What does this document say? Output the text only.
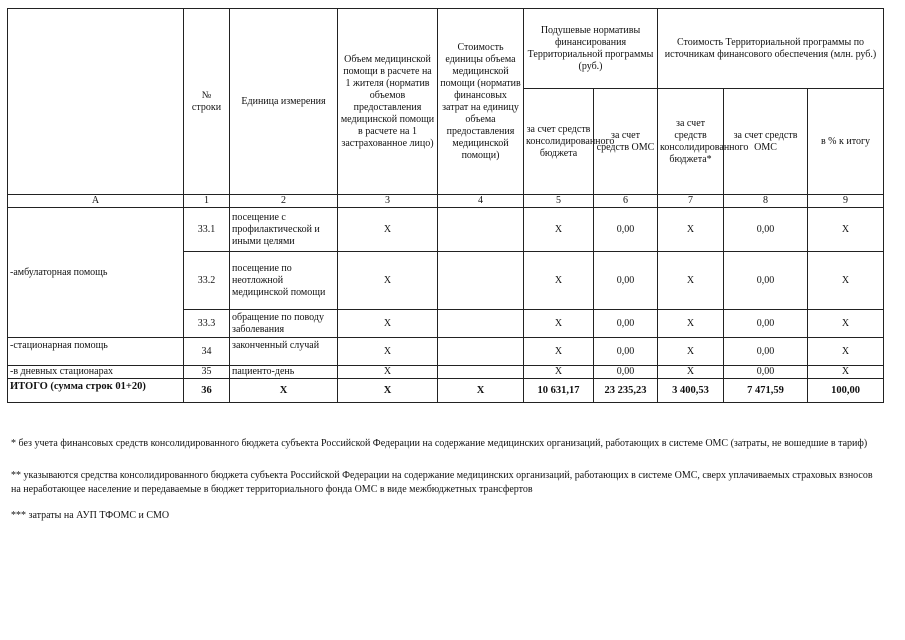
	№ строки	Единица измерения	Объем медицинской помощи в расчете на 1 жителя (норматив объемов предоставления медицинской помощи в расчете на 1 застрахованное лицо)	Стоимость единицы объема медицинской помощи (норматив финансовых затрат на единицу объема предоставления медицинской помощи)	Подушевые нормативы финансирования Территориальной программы (руб.)		Стоимость Территориальной программы по источникам финансового обеспечения (млн. руб.)		
					за счет средств консолидированного бюджета	за счет средств ОМС	за счет средств консолидированного бюджета*	за счет средств ОМС	в % к итогу
А	1	2	3	4	5	6	7	8	9
-амбулаторная помощь	33.1	посещение с профилактической и иными целями	X		X	0,00	X	0,00	X
	33.2	посещение по неотложной медицинской помощи	X		X	0,00	X	0,00	X
	33.3	обращение по поводу заболевания	X		X	0,00	X	0,00	X
-стационарная помощь	34	законченный случай	X		X	0,00	X	0,00	X
-в дневных стационарах	35	пациенто-день	X		X	0,00	X	0,00	X
ИТОГО (сумма строк 01+20)	36	X	X	X	10 631,17	23 235,23	3 400,53	7 471,59	100,00
* без учета финансовых средств консолидированного бюджета субъекта Российской Федерации на содержание медицинских организаций, работающих в системе ОМС (затраты, не вошедшие в тариф)
** указываются средства консолидированного бюджета субъекта Российской Федерации на содержание медицинских организаций, работающих в системе ОМС, сверх уплачиваемых страховых взносов на неработающее население и передаваемые в бюджет территориального фонда ОМС в виде межбюджетных трансфертов
*** затраты на АУП ТФОМС и СМО
